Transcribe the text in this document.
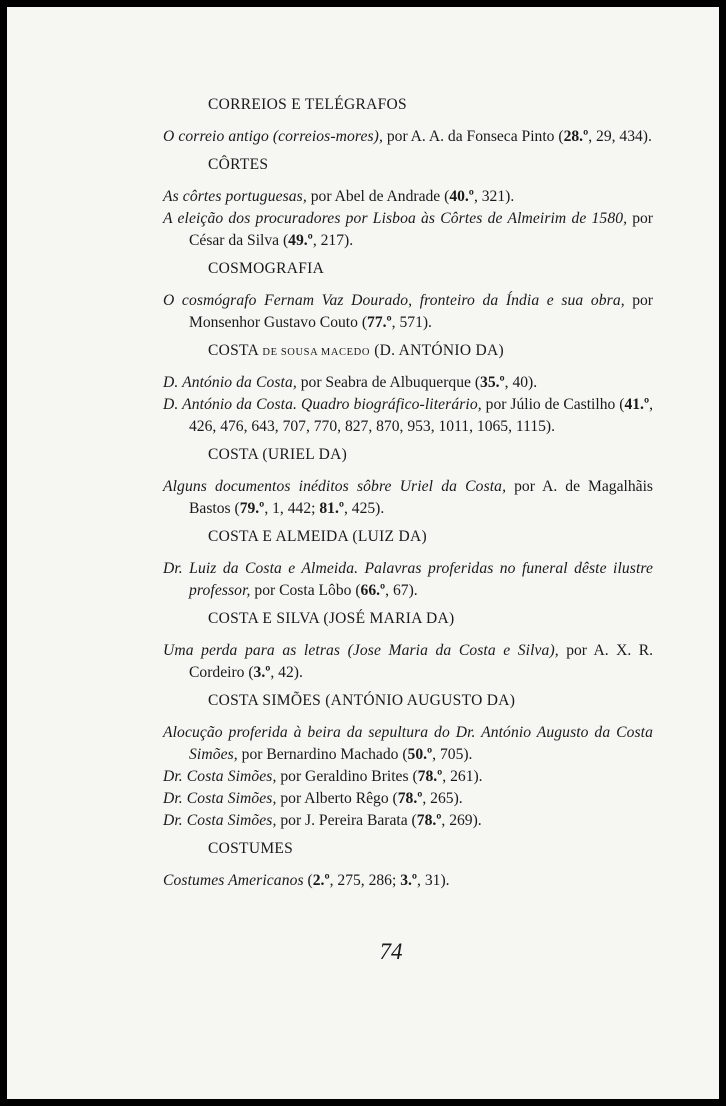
CORREIOS E TELÉGRAFOS
O correio antigo (correios-mores), por A. A. da Fonseca Pinto (28.º, 29, 434).
CÔRTES
As côrtes portuguesas, por Abel de Andrade (40.º, 321).
A eleição dos procuradores por Lisboa às Côrtes de Almeirim de 1580, por César da Silva (49.º, 217).
COSMOGRAFIA
O cosmógrafo Fernam Vaz Dourado, fronteiro da Índia e sua obra, por Monsenhor Gustavo Couto (77.º, 571).
COSTA DE SOUSA MACEDO (D. ANTÓNIO DA)
D. António da Costa, por Seabra de Albuquerque (35.º, 40).
D. António da Costa. Quadro biográfico-literário, por Júlio de Castilho (41.º, 426, 476, 643, 707, 770, 827, 870, 953, 1011, 1065, 1115).
COSTA (URIEL DA)
Alguns documentos inéditos sôbre Uriel da Costa, por A. de Magalhãis Bastos (79.º, 1, 442; 81.º, 425).
COSTA E ALMEIDA (LUIZ DA)
Dr. Luiz da Costa e Almeida. Palavras proferidas no funeral dêste ilustre professor, por Costa Lôbo (66.º, 67).
COSTA E SILVA (JOSÉ MARIA DA)
Uma perda para as letras (Jose Maria da Costa e Silva), por A. X. R. Cordeiro (3.º, 42).
COSTA SIMÕES (ANTÓNIO AUGUSTO DA)
Alocução proferida à beira da sepultura do Dr. António Augusto da Costa Simões, por Bernardino Machado (50.º, 705).
Dr. Costa Simões, por Geraldino Brites (78.º, 261).
Dr. Costa Simões, por Alberto Rêgo (78.º, 265).
Dr. Costa Simões, por J. Pereira Barata (78.º, 269).
COSTUMES
Costumes Americanos (2.º, 275, 286; 3.º, 31).
74
